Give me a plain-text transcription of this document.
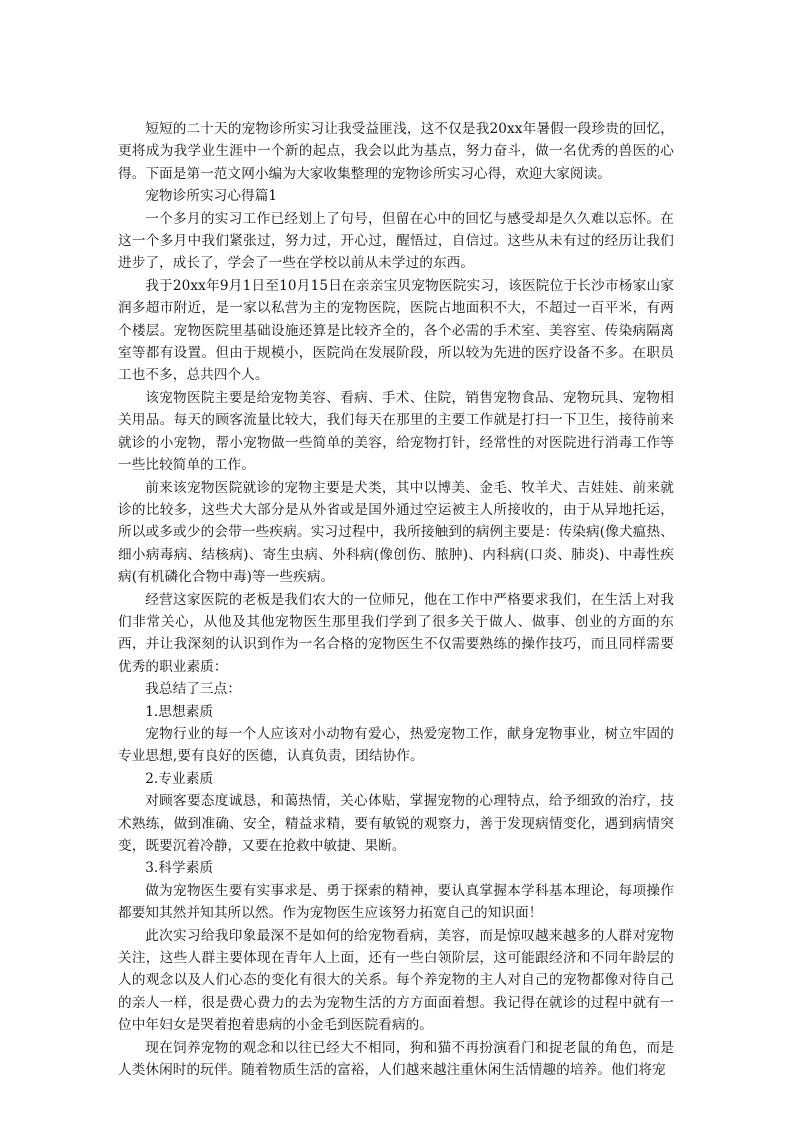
短短的二十天的宠物诊所实习让我受益匪浅，这不仅是我20xx年暑假一段珍贵的回忆，更将成为我学业生涯中一个新的起点，我会以此为基点，努力奋斗，做一名优秀的兽医的心得。下面是第一范文网小编为大家收集整理的宠物诊所实习心得，欢迎大家阅读。

宠物诊所实习心得篇1

一个多月的实习工作已经划上了句号，但留在心中的回忆与感受却是久久难以忘怀。在这一个多月中我们紧张过，努力过，开心过，醒悟过，自信过。这些从未有过的经历让我们进步了，成长了，学会了一些在学校以前从未学过的东西。

我于20xx年9月1日至10月15日在亲亲宝贝宠物医院实习，该医院位于长沙市杨家山家润多超市附近，是一家以私营为主的宠物医院，医院占地面积不大，不超过一百平米，有两个楼层。宠物医院里基础设施还算是比较齐全的，各个必需的手术室、美容室、传染病隔离室等都有设置。但由于规模小，医院尚在发展阶段，所以较为先进的医疗设备不多。在职员工也不多，总共四个人。

该宠物医院主要是给宠物美容、看病、手术、住院，销售宠物食品、宠物玩具、宠物相关用品。每天的顾客流量比较大，我们每天在那里的主要工作就是打扫一下卫生，接待前来就诊的小宠物，帮小宠物做一些简单的美容，给宠物打针，经常性的对医院进行消毒工作等一些比较简单的工作。

前来该宠物医院就诊的宠物主要是犬类，其中以博美、金毛、牧羊犬、吉娃娃、前来就诊的比较多，这些犬大部分是从外省或是国外通过空运被主人所接收的，由于从异地托运，所以或多或少的会带一些疾病。实习过程中，我所接触到的病例主要是：传染病(像犬瘟热、细小病毒病、结核病)、寄生虫病、外科病(像创伤、脓肿)、内科病(口炎、肺炎)、中毒性疾病(有机磷化合物中毒)等一些疾病。

经营这家医院的老板是我们农大的一位师兄，他在工作中严格要求我们，在生活上对我们非常关心，从他及其他宠物医生那里我们学到了很多关于做人、做事、创业的方面的东西，并让我深刻的认识到作为一名合格的宠物医生不仅需要熟练的操作技巧，而且同样需要优秀的职业素质：

我总结了三点：

1.思想素质

宠物行业的每一个人应该对小动物有爱心，热爱宠物工作，献身宠物事业，树立牢固的专业思想,要有良好的医德，认真负责，团结协作。

2.专业素质

对顾客要态度诚恳，和蔼热情，关心体贴，掌握宠物的心理特点，给予细致的治疗，技术熟练，做到准确、安全，精益求精，要有敏锐的观察力，善于发现病情变化，遇到病情突变，既要沉着冷静，又要在抢救中敏捷、果断。

3.科学素质

做为宠物医生要有实事求是、勇于探索的精神，要认真掌握本学科基本理论，每项操作都要知其然并知其所以然。作为宠物医生应该努力拓宽自己的知识面！

此次实习给我印象最深不是如何的给宠物看病，美容，而是惊叹越来越多的人群对宠物关注，这些人群主要体现在青年人上面，还有一些白领阶层，这可能跟经济和不同年龄层的人的观念以及人们心态的变化有很大的关系。每个养宠物的主人对自己的宠物都像对待自己的亲人一样，很是费心费力的去为宠物生活的方方面面着想。我记得在就诊的过程中就有一位中年妇女是哭着抱着患病的小金毛到医院看病的。

现在饲养宠物的观念和以往已经大不相同，狗和猫不再扮演看门和捉老鼠的角色，而是人类休闲时的玩伴。随着物质生活的富裕，人们越来越注重休闲生活情趣的培养。他们将宠
